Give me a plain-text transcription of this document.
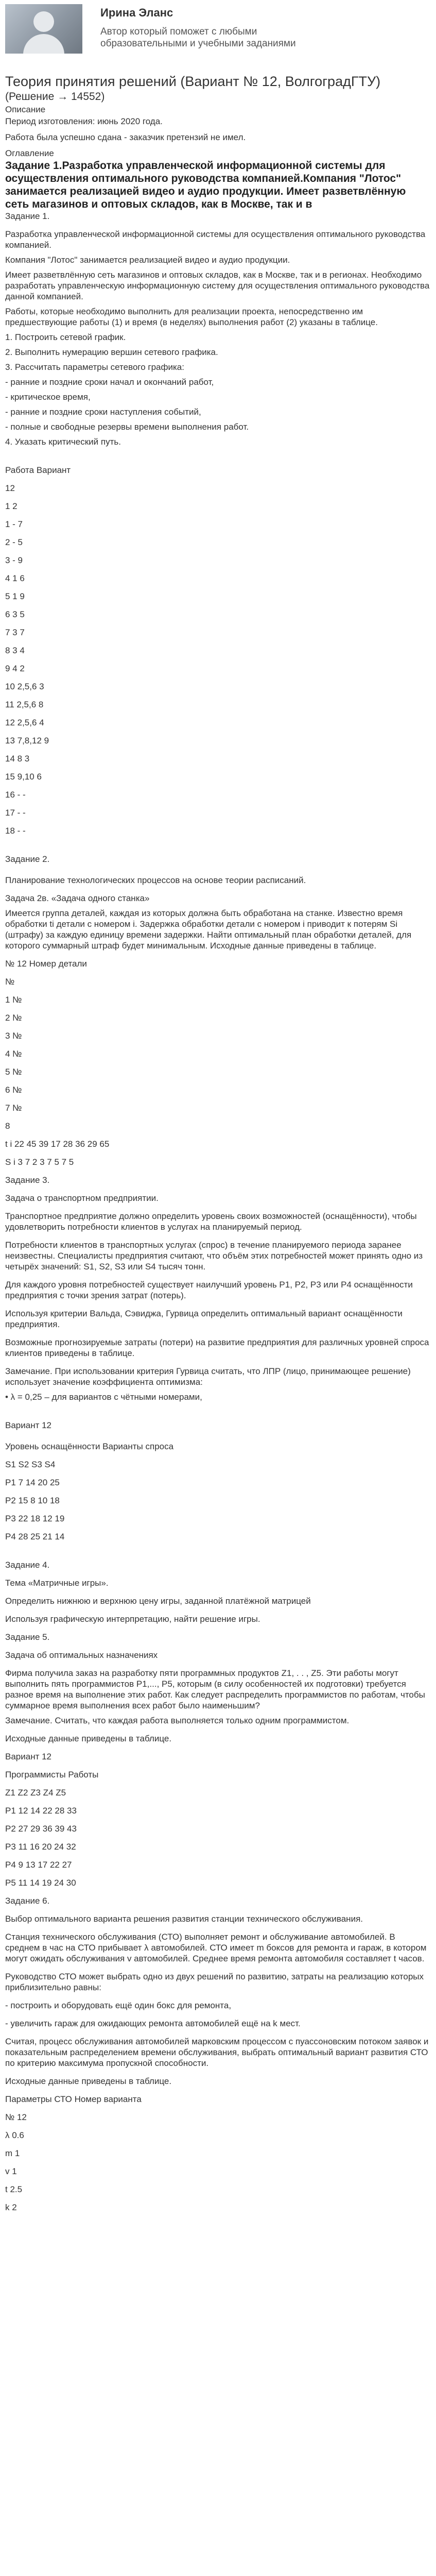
Ирина Эланс
Автор который поможет с любыми образовательными и учебными заданиями
Теория принятия решений (Вариант № 12, ВолгоградГТУ)
(Решение → 14552)

Описание

Период изготовления: июнь 2020 года.

Работа была успешно сдана - заказчик претензий не имел.

Оглавление

Задание 1.Разработка управленческой информационной системы для осуществления оптимального руководства компанией.Компания "Лотос" занимается реализацией видео и аудио продукции. Имеет разветвлённую сеть магазинов и оптовых складов, как в Москве, так и в

Задание 1.

Разработка управленческой информационной системы для осуществления оптимального руководства компанией.

Компания "Лотос" занимается реализацией видео и аудио продукции.

Имеет разветвлённую сеть магазинов и оптовых складов, как в Москве, так и в регионах. Необходимо разработать управленческую информационную систему для осуществления оптимального руководства данной компанией.

Работы, которые необходимо выполнить для реализации проекта, непосредственно им предшествующие работы (1) и время (в неделях) выполнения работ (2) указаны в таблице.

1. Построить сетевой график.

2. Выполнить нумерацию вершин сетевого графика.

3. Рассчитать параметры сетевого графика:

- ранние и поздние сроки начал и окончаний работ,

- критическое время,

- ранние и поздние сроки наступления событий,

- полные и свободные резервы времени выполнения работ.

4. Указать критический путь.

Работа Вариант

12

1 2

1 - 7

2 - 5

3 - 9

4 1 6

5 1 9

6 3 5

7 3 7

8 3 4

9 4 2

10 2,5,6 3

11 2,5,6 8

12 2,5,6 4

13 7,8,12 9

14 8 3

15 9,10 6

16 - -

17 - -

18 - -

Задание 2.

Планирование технологических процессов на основе теории расписаний.

Задача 2в. «Задача одного станка»

Имеется группа деталей, каждая из которых должна быть обработана на станке. Известно время обработки ti детали с номером i. Задержка обработки детали с номером i приводит к потерям Si (штрафу) за каждую единицу времени задержки. Найти оптимальный план обработки деталей, для которого суммарный штраф будет минимальным. Исходные данные приведены в таблице.

№ 12 Номер детали

№

1 №

2 №

3 №

4 №

5 №

6 №

7 №

8

t i 22 45 39 17 28 36 29 65

S i 3 7 2 3 7 5 7 5

Задание 3.

Задача о транспортном предприятии.

Транспортное предприятие должно определить уровень своих возможностей (оснащённости), чтобы удовлетворить потребности клиентов в услугах на планируемый период.

Потребности клиентов в транспортных услугах (спрос) в течение планируемого периода заранее неизвестны. Специалисты предприятия считают, что объём этих потребностей может принять одно из четырёх значений: S1, S2, S3 или S4 тысяч тонн.

Для каждого уровня потребностей существует наилучший уровень P1, P2, P3 или P4 оснащённости предприятия с точки зрения затрат (потерь).

Используя критерии Вальда, Сэвиджа, Гурвица определить оптимальный вариант оснащённости предприятия.

Возможные прогнозируемые затраты (потери) на развитие предприятия для различных уровней спроса клиентов приведены в таблице.

Замечание. При использовании критерия Гурвица считать, что ЛПР (лицо, принимающее решение) использует значение коэффициента оптимизма:

• λ = 0,25 – для вариантов с чётными номерами,

Вариант 12

Уровень оснащённости Варианты спроса

S1 S2 S3 S4

P1 7 14 20 25

P2 15 8 10 18

P3 22 18 12 19

P4 28 25 21 14

Задание 4.

Тема «Матричные игры».

Определить нижнюю и верхнюю цену игры, заданной платёжной матрицей

Используя графическую интерпретацию, найти решение игры.

Задание 5.

Задача об оптимальных назначениях

Фирма получила заказ на разработку пяти программных продуктов Z1, . . , Z5. Эти работы могут выполнить пять программистов P1,..., P5, которым (в силу особенностей их подготовки) требуется разное время на выполнение этих работ. Как следует распределить программистов по работам, чтобы суммарное время выполнения всех работ было наименьшим?

Замечание. Считать, что каждая работа выполняется только одним программистом.

Исходные данные приведены в таблице.

Вариант 12

Программисты Работы

Z1 Z2 Z3 Z4 Z5

P1 12 14 22 28 33

P2 27 29 36 39 43

P3 11 16 20 24 32

P4 9 13 17 22 27

P5 11 14 19 24 30

Задание 6.

Выбор оптимального варианта решения развития станции технического обслуживания.

Станция технического обслуживания (СТО) выполняет ремонт и обслуживание автомобилей. В среднем в час на СТО прибывает λ автомобилей. СТО имеет m боксов для ремонта и гараж, в котором могут ожидать обслуживания v автомобилей. Среднее время ремонта автомобиля составляет t часов.

Руководство СТО может выбрать одно из двух решений по развитию, затраты на реализацию которых приблизительно равны:

- построить и оборудовать ещё один бокс для ремонта,

- увеличить гараж для ожидающих ремонта автомобилей ещё на k мест.

Считая, процесс обслуживания автомобилей марковским процессом с пуассоновским потоком заявок и показательным распределением времени обслуживания, выбрать оптимальный вариант развития СТО по критерию максимума пропускной способности.

Исходные данные приведены в таблице.

Параметры СТО Номер варианта

№ 12

λ 0.6

m 1

v 1

t 2.5

k 2
